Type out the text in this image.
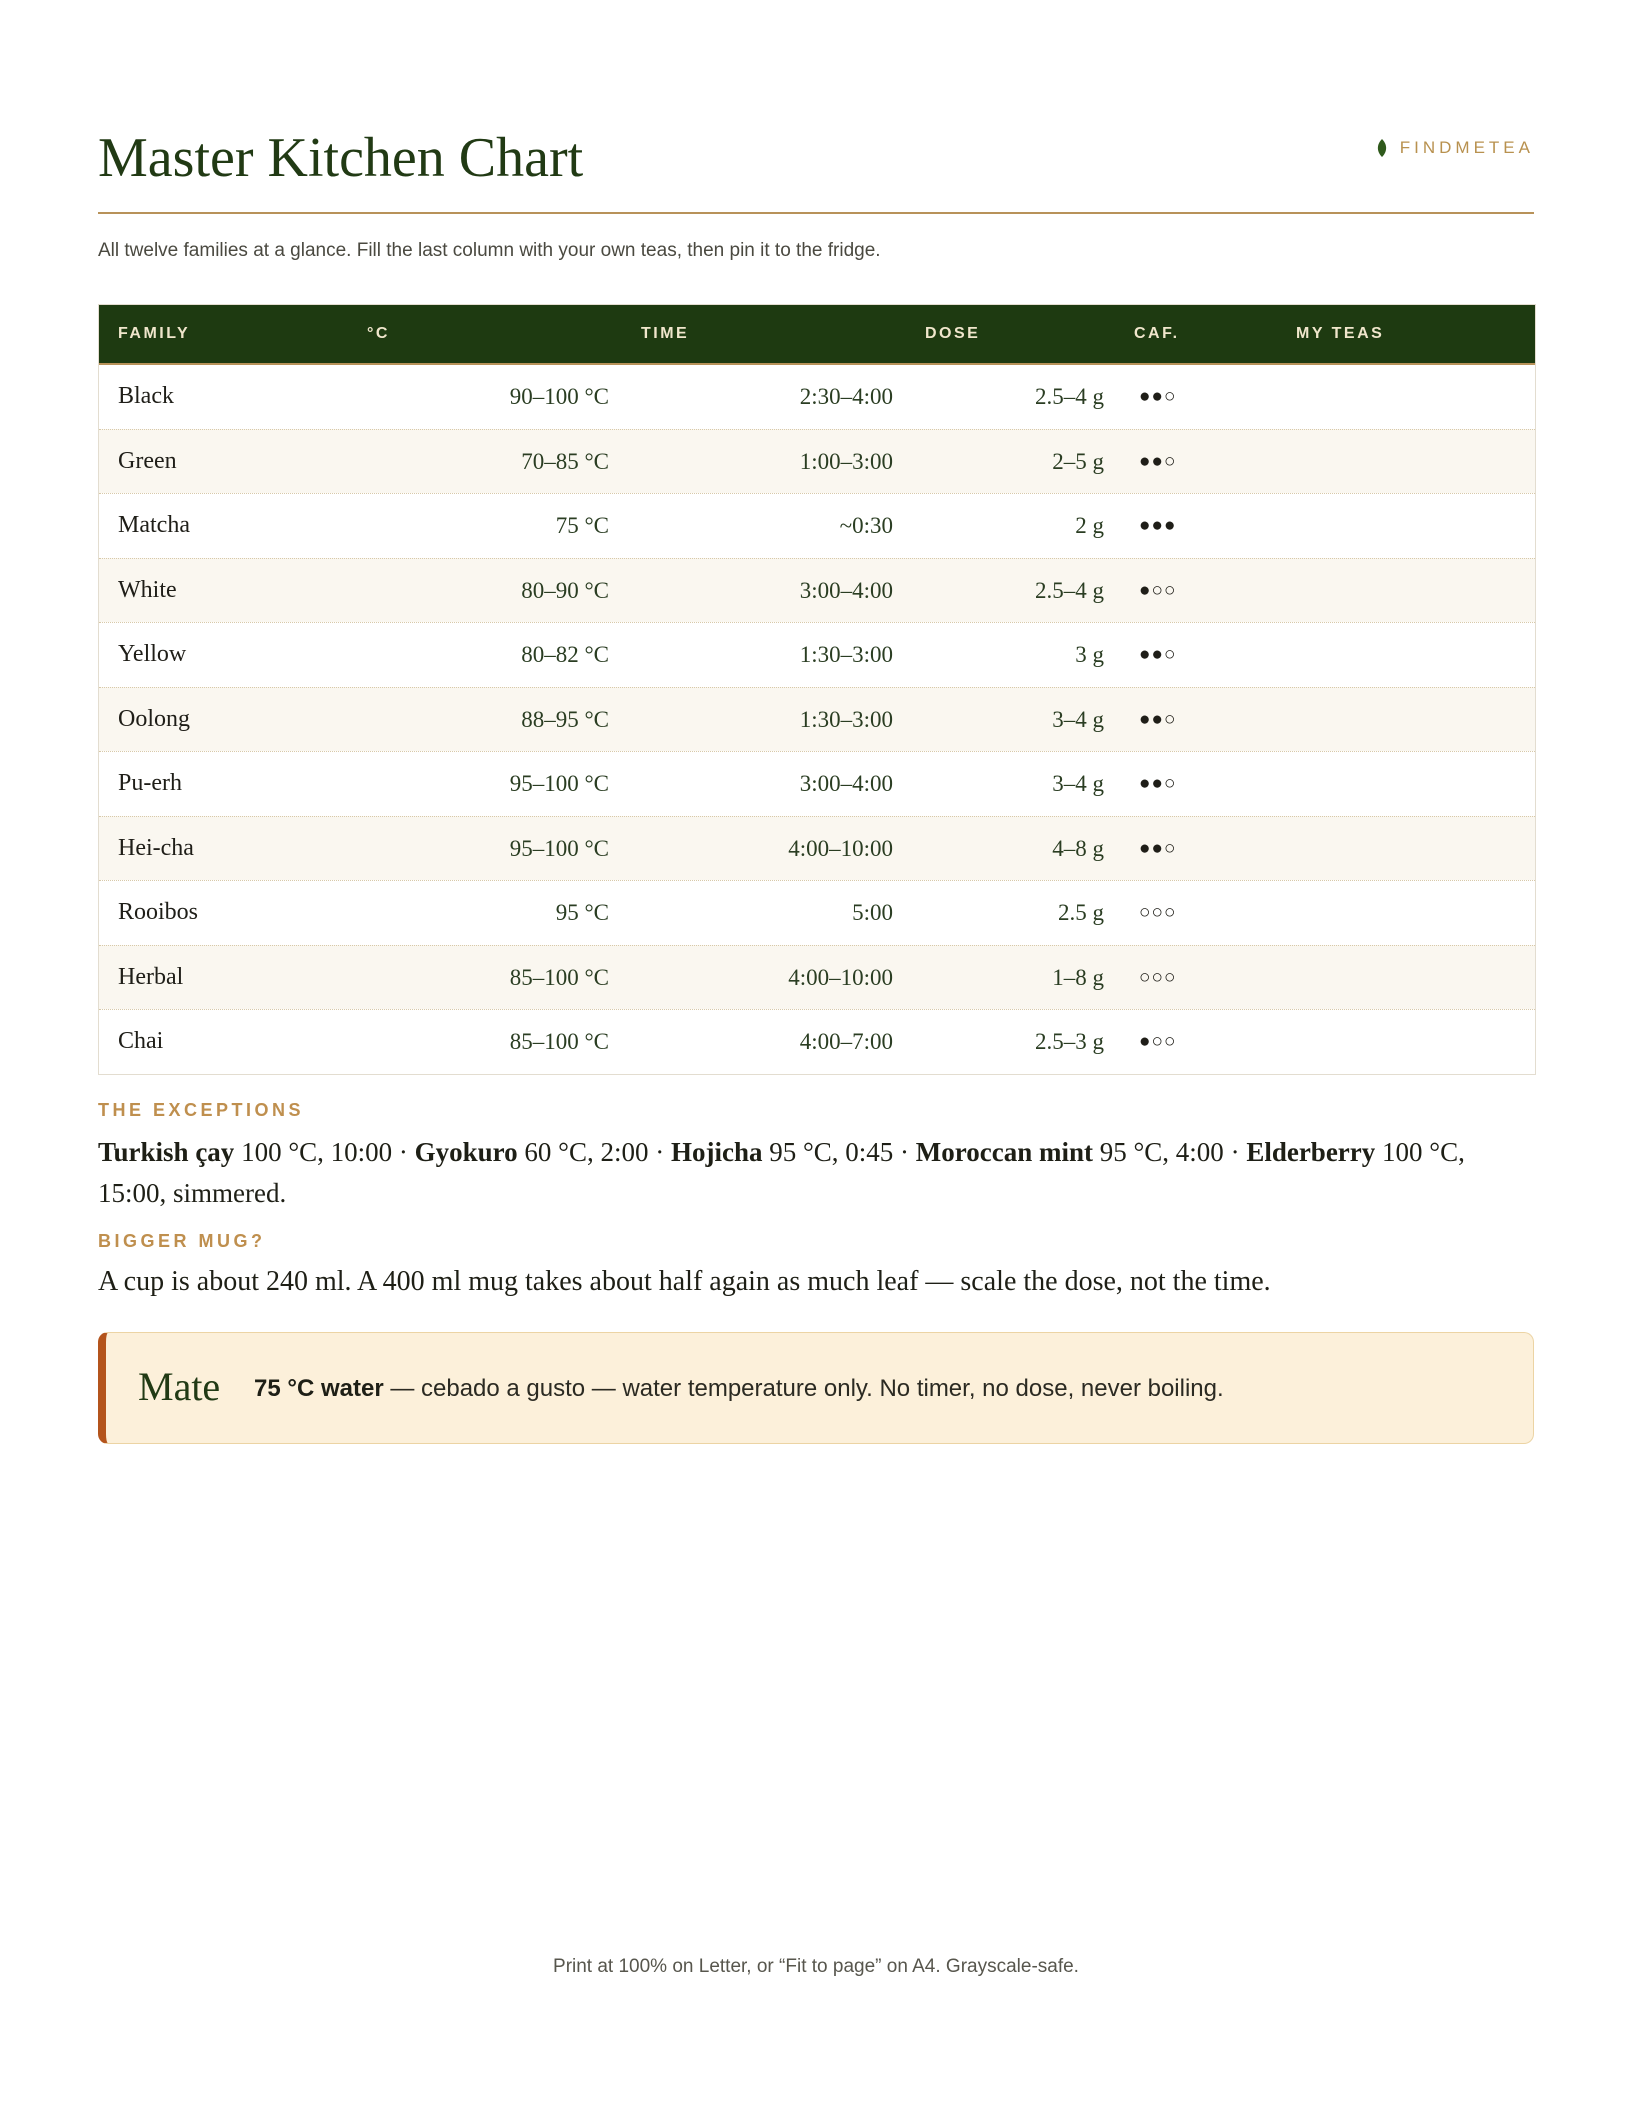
Master Kitchen Chart	FINDMETEA
All twelve families at a glance. Fill the last column with your own teas, then pin it to the fridge.
FAMILY	°C	TIME	DOSE	CAF.	MY TEAS
Black	90–100 °C	2:30–4:00	2.5–4 g ●●○
Green	70–85 °C	1:00–3:00	2–5 g ●●○
Matcha	75 °C	~0:30	2 g ●●●
White	80–90 °C	3:00–4:00	2.5–4 g ●○○
Yellow	80–82 °C	1:30–3:00	3 g ●●○
Oolong	88–95 °C	1:30–3:00	3–4 g ●●○
Pu-erh	95–100 °C	3:00–4:00	3–4 g ●●○
Hei-cha	95–100 °C	4:00–10:00	4–8 g ●●○
Rooibos	95 °C	5:00	2.5 g ○○○
Herbal	85–100 °C	4:00–10:00	1–8 g ○○○
Chai	85–100 °C	4:00–7:00	2.5–3 g ●○○
THE EXCEPTIONS
Turkish çay 100 °C, 10:00 · Gyokuro 60 °C, 2:00 · Hojicha 95 °C, 0:45 · Moroccan mint 95 °C, 4:00 · Elderberry 100 °C, 15:00, simmered.
BIGGER MUG?
A cup is about 240 ml. A 400 ml mug takes about half again as much leaf — scale the dose, not the time.
Mate 75 °C water — cebado a gusto — water temperature only. No timer, no dose, never boiling.
Print at 100% on Letter, or “Fit to page” on A4. Grayscale-safe.
